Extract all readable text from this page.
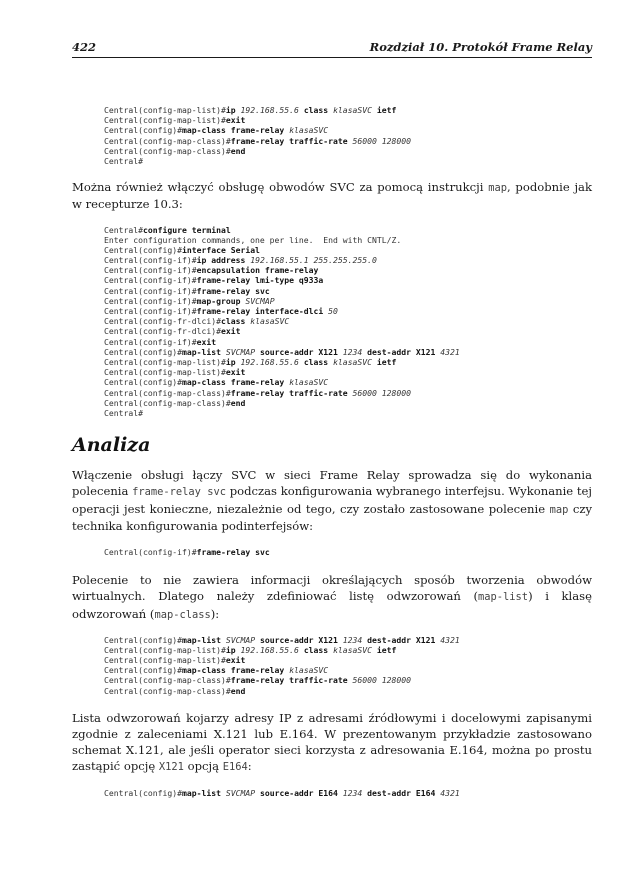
422	Rozdział 10. Protokół Frame Relay
Central(config-map-list)#ip 192.168.55.6 class klasaSVC ietf
Central(config-map-list)#exit
Central(config)#map-class frame-relay klasaSVC
Central(config-map-class)#frame-relay traffic-rate 56000 128000
Central(config-map-class)#end
Central#

Można również włączyć obsługę obwodów SVC za pomocą instrukcji map, podobnie jak w recepturze 10.3:

Central#configure terminal
Enter configuration commands, one per line.  End with CNTL/Z.
Central(config)#interface Serial
Central(config-if)#ip address 192.168.55.1 255.255.255.0
Central(config-if)#encapsulation frame-relay
Central(config-if)#frame-relay lmi-type q933a
Central(config-if)#frame-relay svc
Central(config-if)#map-group SVCMAP
Central(config-if)#frame-relay interface-dlci 50
Central(config-fr-dlci)#class klasaSVC
Central(config-fr-dlci)#exit
Central(config-if)#exit
Central(config)#map-list SVCMAP source-addr X121 1234 dest-addr X121 4321
Central(config-map-list)#ip 192.168.55.6 class klasaSVC ietf
Central(config-map-list)#exit
Central(config)#map-class frame-relay klasaSVC
Central(config-map-class)#frame-relay traffic-rate 56000 128000
Central(config-map-class)#end
Central#
Analiza

Włączenie obsługi łączy SVC w sieci Frame Relay sprowadza się do wykonania polecenia frame-relay svc podczas konfigurowania wybranego interfejsu. Wykonanie tej operacji jest konieczne, niezależnie od tego, czy zostało zastosowane polecenie map czy technika konfigurowania podinterfejsów:

Central(config-if)#frame-relay svc

Polecenie to nie zawiera informacji określających sposób tworzenia obwodów wirtualnych. Dlatego należy zdefiniować listę odwzorowań (map-list) i klasę odwzorowań (map-class):

Central(config)#map-list SVCMAP source-addr X121 1234 dest-addr X121 4321
Central(config-map-list)#ip 192.168.55.6 class klasaSVC ietf
Central(config-map-list)#exit
Central(config)#map-class frame-relay klasaSVC
Central(config-map-class)#frame-relay traffic-rate 56000 128000
Central(config-map-class)#end

Lista odwzorowań kojarzy adresy IP z adresami źródłowymi i docelowymi zapisanymi zgodnie z zaleceniami X.121 lub E.164. W prezentowanym przykładzie zastosowano schemat X.121, ale jeśli operator sieci korzysta z adresowania E.164, można po prostu zastąpić opcję X121 opcją E164:

Central(config)#map-list SVCMAP source-addr E164 1234 dest-addr E164 4321
